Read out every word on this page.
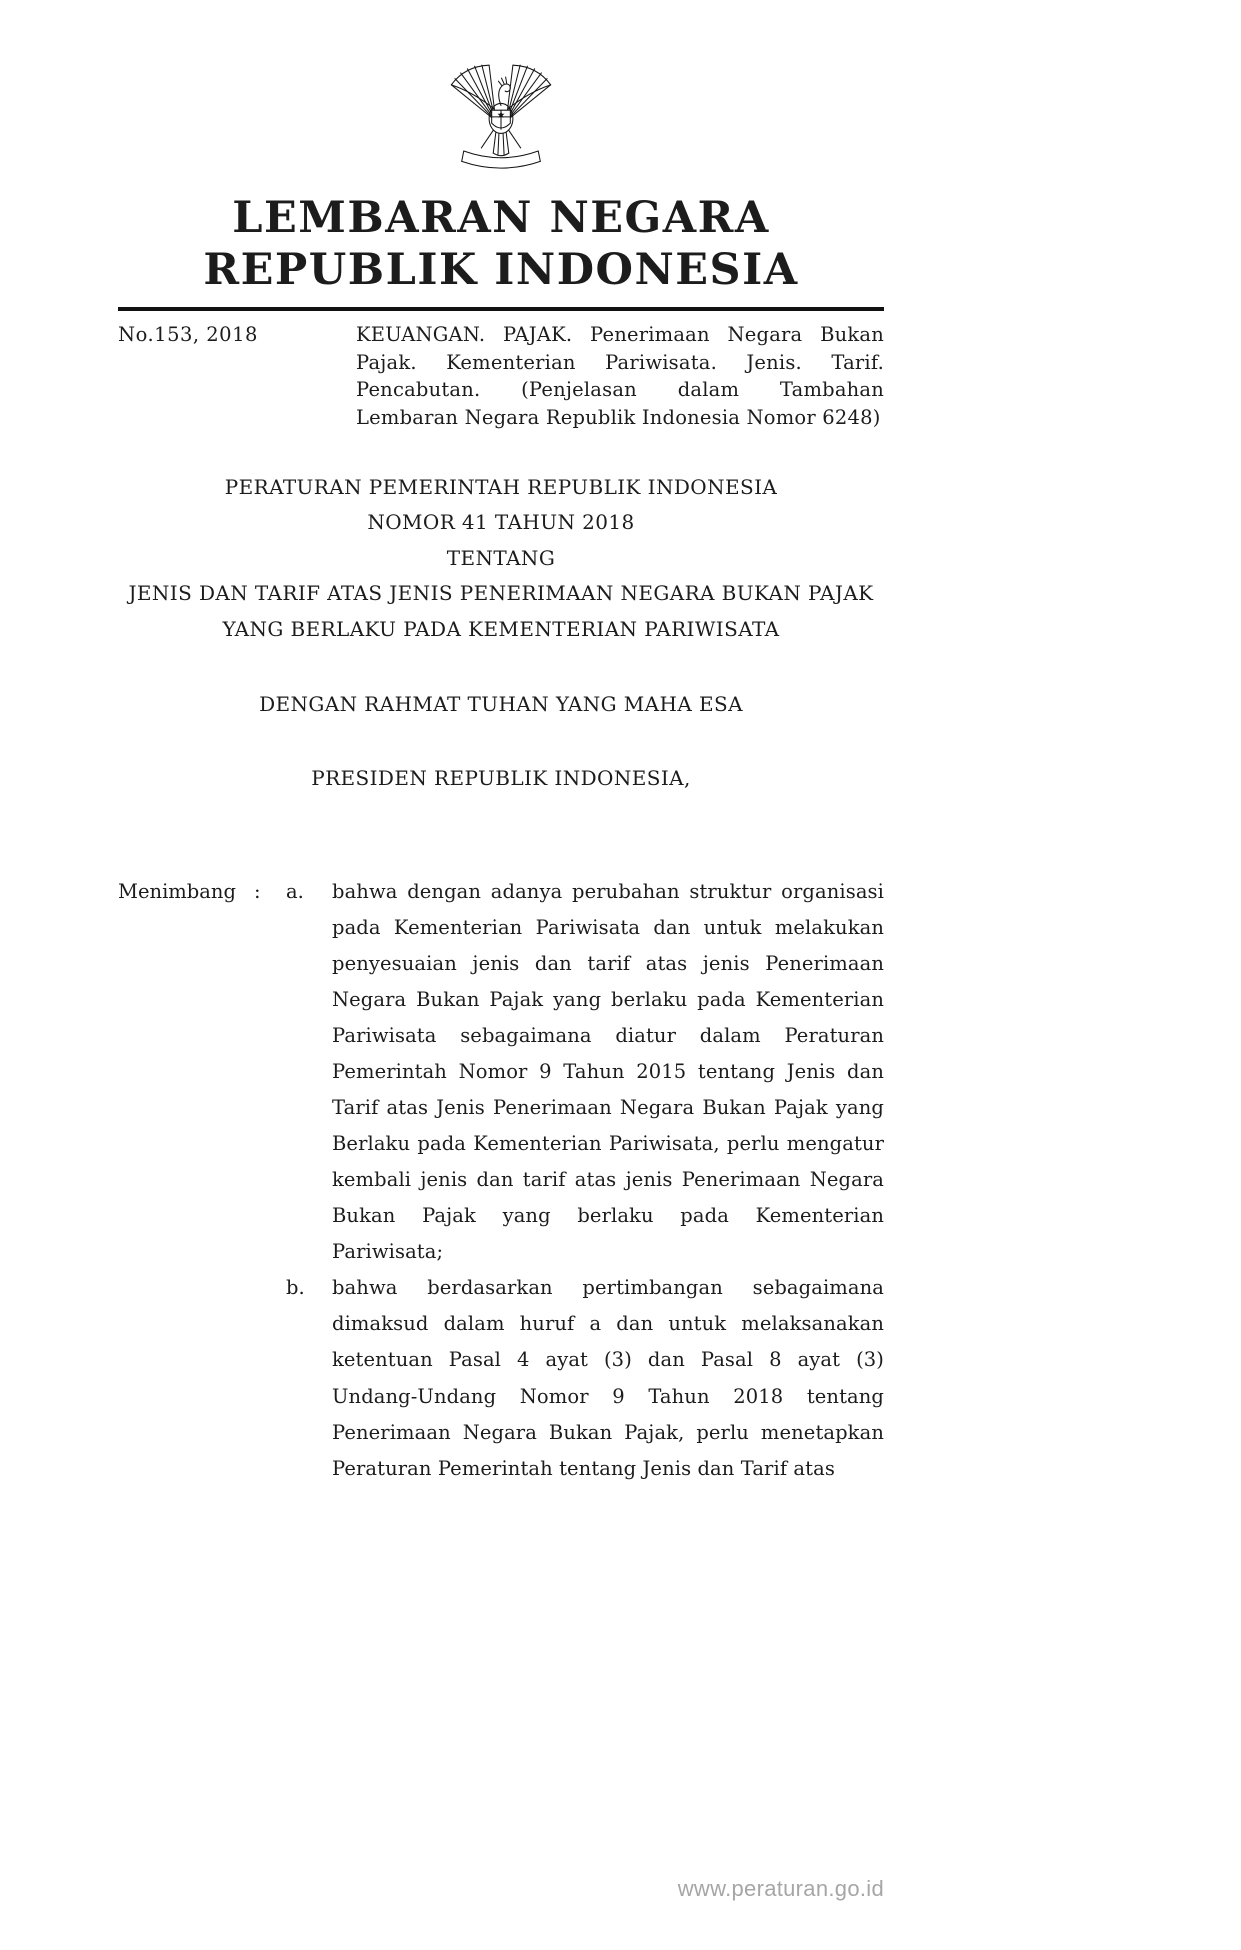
LEMBARAN NEGARA
REPUBLIK INDONESIA
No.153, 2018	KEUANGAN. PAJAK. Penerimaan Negara Bukan Pajak. Kementerian Pariwisata. Jenis. Tarif. Pencabutan. (Penjelasan dalam Tambahan Lembaran Negara Republik Indonesia Nomor 6248)
PERATURAN PEMERINTAH REPUBLIK INDONESIA
NOMOR 41 TAHUN 2018
TENTANG
JENIS DAN TARIF ATAS JENIS PENERIMAAN NEGARA BUKAN PAJAK
YANG BERLAKU PADA KEMENTERIAN PARIWISATA
DENGAN RAHMAT TUHAN YANG MAHA ESA
PRESIDEN REPUBLIK INDONESIA,
Menimbang :	a.	bahwa dengan adanya perubahan struktur organisasi pada Kementerian Pariwisata dan untuk melakukan penyesuaian jenis dan tarif atas jenis Penerimaan Negara Bukan Pajak yang berlaku pada Kementerian Pariwisata sebagaimana diatur dalam Peraturan Pemerintah Nomor 9 Tahun 2015 tentang Jenis dan Tarif atas Jenis Penerimaan Negara Bukan Pajak yang Berlaku pada Kementerian Pariwisata, perlu mengatur kembali jenis dan tarif atas jenis Penerimaan Negara Bukan Pajak yang berlaku pada Kementerian Pariwisata;
b.	bahwa berdasarkan pertimbangan sebagaimana dimaksud dalam huruf a dan untuk melaksanakan ketentuan Pasal 4 ayat (3) dan Pasal 8 ayat (3) Undang-Undang Nomor 9 Tahun 2018 tentang Penerimaan Negara Bukan Pajak, perlu menetapkan Peraturan Pemerintah tentang Jenis dan Tarif atas
www.peraturan.go.id
